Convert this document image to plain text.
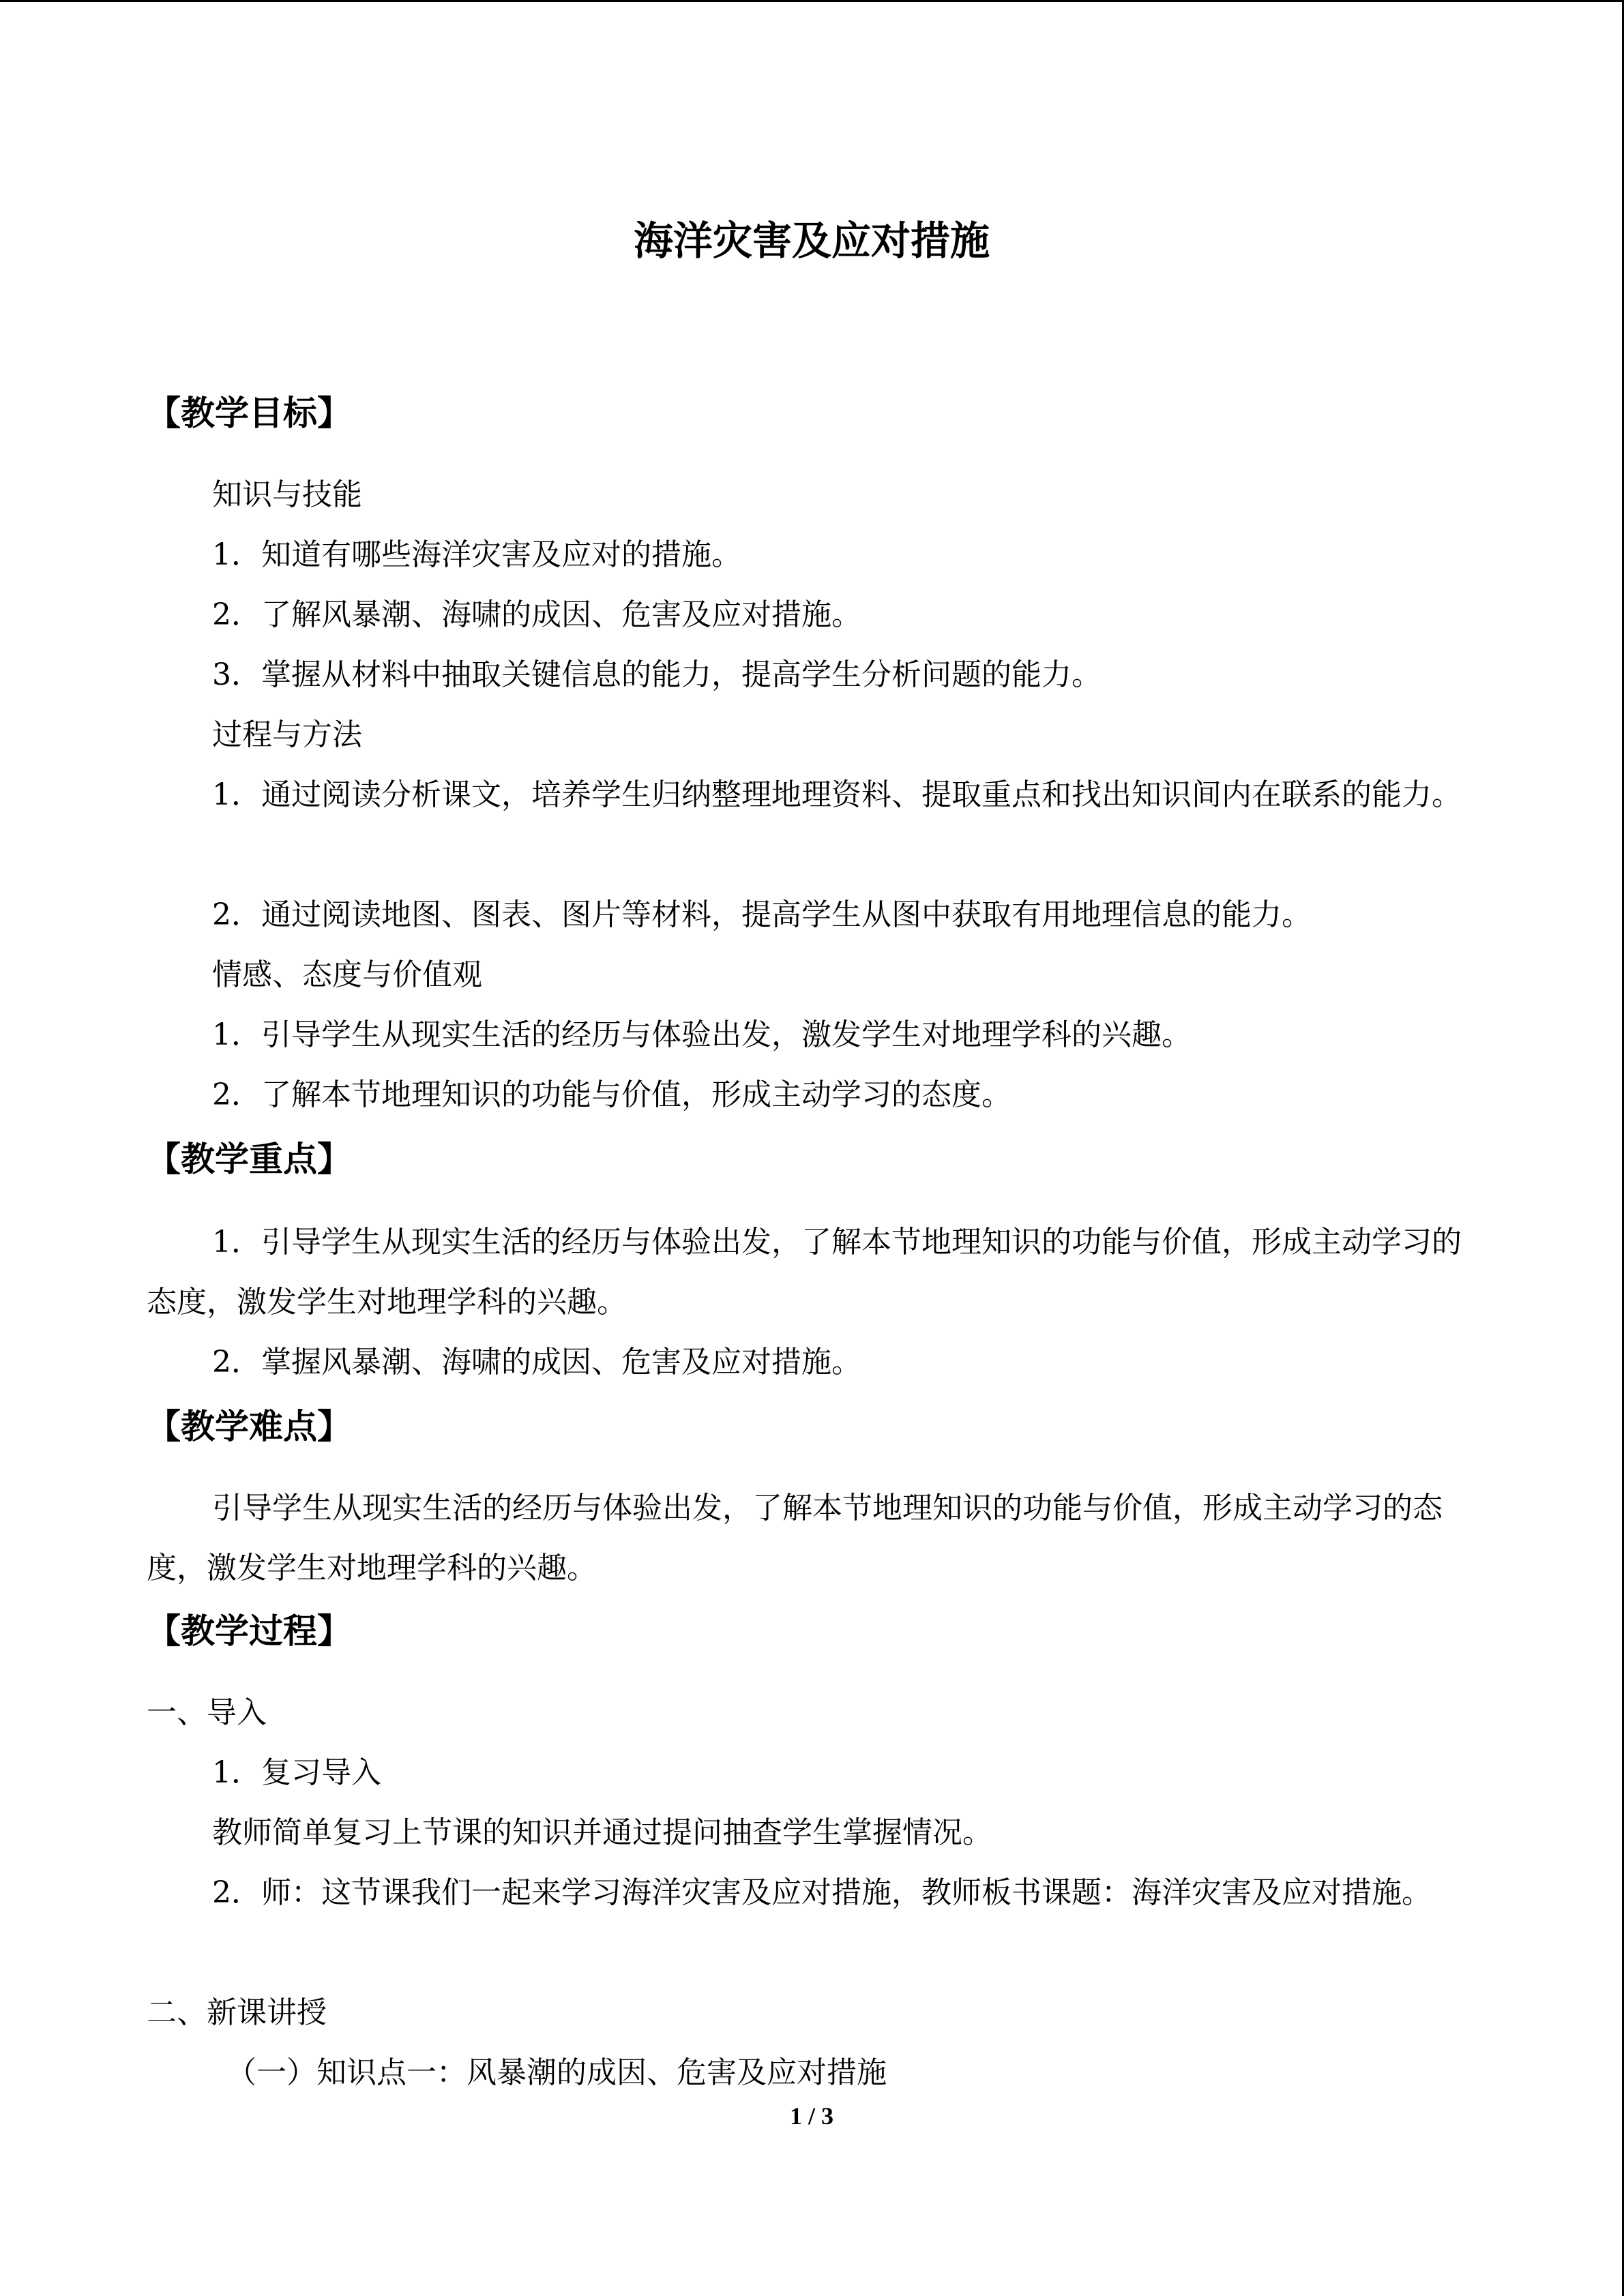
海洋灾害及应对措施
【教学目标】

知识与技能

1．知道有哪些海洋灾害及应对的措施。

2．了解风暴潮、海啸的成因、危害及应对措施。

3．掌握从材料中抽取关键信息的能力，提高学生分析问题的能力。

过程与方法

1．通过阅读分析课文，培养学生归纳整理地理资料、提取重点和找出知识间内在联系的能力。

2．通过阅读地图、图表、图片等材料，提高学生从图中获取有用地理信息的能力。

情感、态度与价值观

1．引导学生从现实生活的经历与体验出发，激发学生对地理学科的兴趣。

2．了解本节地理知识的功能与价值，形成主动学习的态度。

【教学重点】

1．引导学生从现实生活的经历与体验出发，了解本节地理知识的功能与价值，形成主动学习的态度，激发学生对地理学科的兴趣。

2．掌握风暴潮、海啸的成因、危害及应对措施。

【教学难点】

引导学生从现实生活的经历与体验出发，了解本节地理知识的功能与价值，形成主动学习的态度，激发学生对地理学科的兴趣。

【教学过程】

一、导入

1．复习导入

教师简单复习上节课的知识并通过提问抽查学生掌握情况。

2．师：这节课我们一起来学习海洋灾害及应对措施，教师板书课题：海洋灾害及应对措施。

二、新课讲授

（一）知识点一：风暴潮的成因、危害及应对措施

1 / 3
